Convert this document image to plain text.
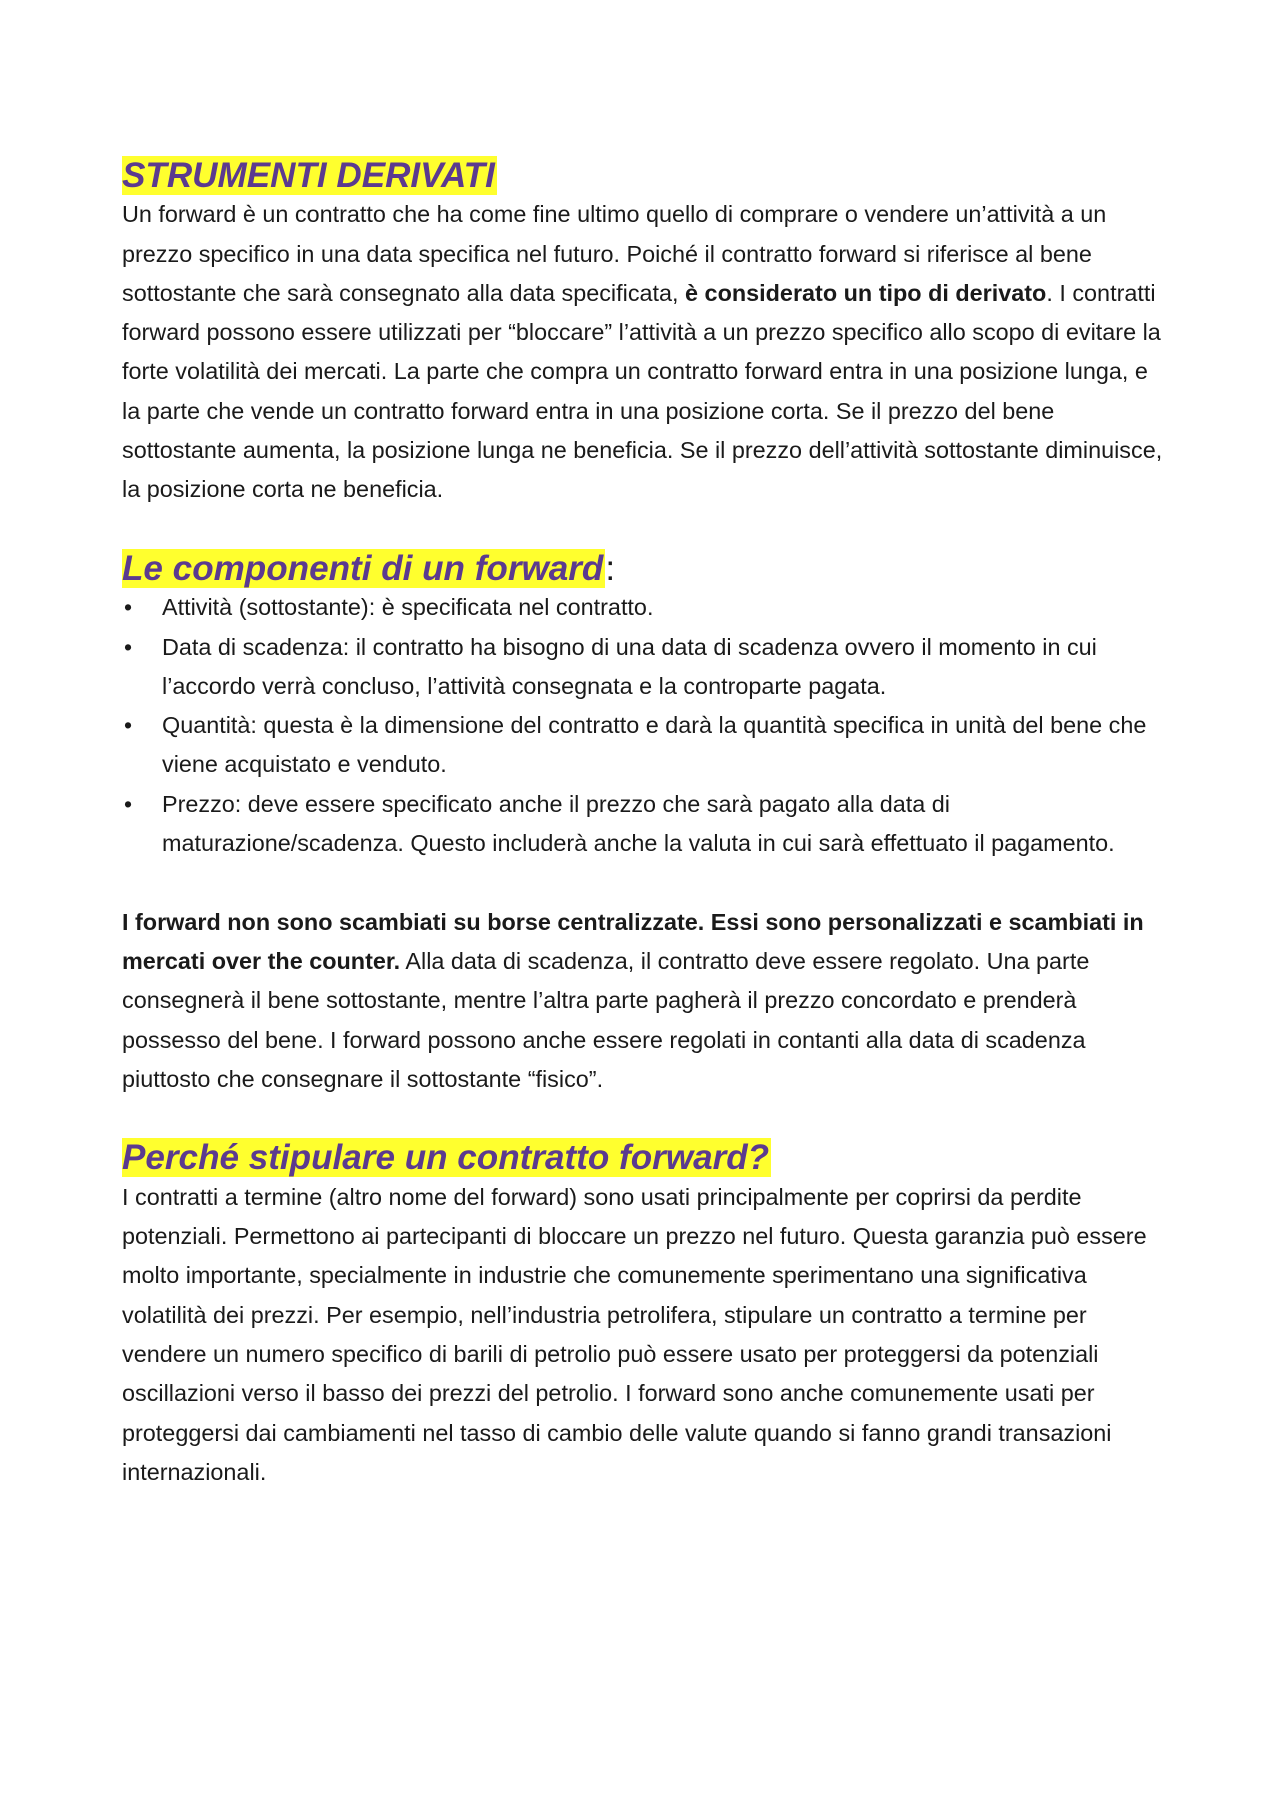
STRUMENTI DERIVATI

Un forward è un contratto che ha come fine ultimo quello di comprare o vendere un’attività a un prezzo specifico in una data specifica nel futuro. Poiché il contratto forward si riferisce al bene sottostante che sarà consegnato alla data specificata, è considerato un tipo di derivato. I contratti forward possono essere utilizzati per “bloccare” l’attività a un prezzo specifico allo scopo di evitare la forte volatilità dei mercati. La parte che compra un contratto forward entra in una posizione lunga, e la parte che vende un contratto forward entra in una posizione corta. Se il prezzo del bene sottostante aumenta, la posizione lunga ne beneficia. Se il prezzo dell’attività sottostante diminuisce, la posizione corta ne beneficia.

Le componenti di un forward:
• Attività (sottostante): è specificata nel contratto.
• Data di scadenza: il contratto ha bisogno di una data di scadenza ovvero il momento in cui l’accordo verrà concluso, l’attività consegnata e la controparte pagata.
• Quantità: questa è la dimensione del contratto e darà la quantità specifica in unità del bene che viene acquistato e venduto.
• Prezzo: deve essere specificato anche il prezzo che sarà pagato alla data di maturazione/scadenza. Questo includerà anche la valuta in cui sarà effettuato il pagamento.

I forward non sono scambiati su borse centralizzate. Essi sono personalizzati e scambiati in mercati over the counter. Alla data di scadenza, il contratto deve essere regolato. Una parte consegnerà il bene sottostante, mentre l’altra parte pagherà il prezzo concordato e prenderà possesso del bene. I forward possono anche essere regolati in contanti alla data di scadenza piuttosto che consegnare il sottostante “fisico”.

Perché stipulare un contratto forward?

I contratti a termine (altro nome del forward) sono usati principalmente per coprirsi da perdite potenziali. Permettono ai partecipanti di bloccare un prezzo nel futuro. Questa garanzia può essere molto importante, specialmente in industrie che comunemente sperimentano una significativa volatilità dei prezzi. Per esempio, nell’industria petrolifera, stipulare un contratto a termine per vendere un numero specifico di barili di petrolio può essere usato per proteggersi da potenziali oscillazioni verso il basso dei prezzi del petrolio. I forward sono anche comunemente usati per proteggersi dai cambiamenti nel tasso di cambio delle valute quando si fanno grandi transazioni internazionali.
